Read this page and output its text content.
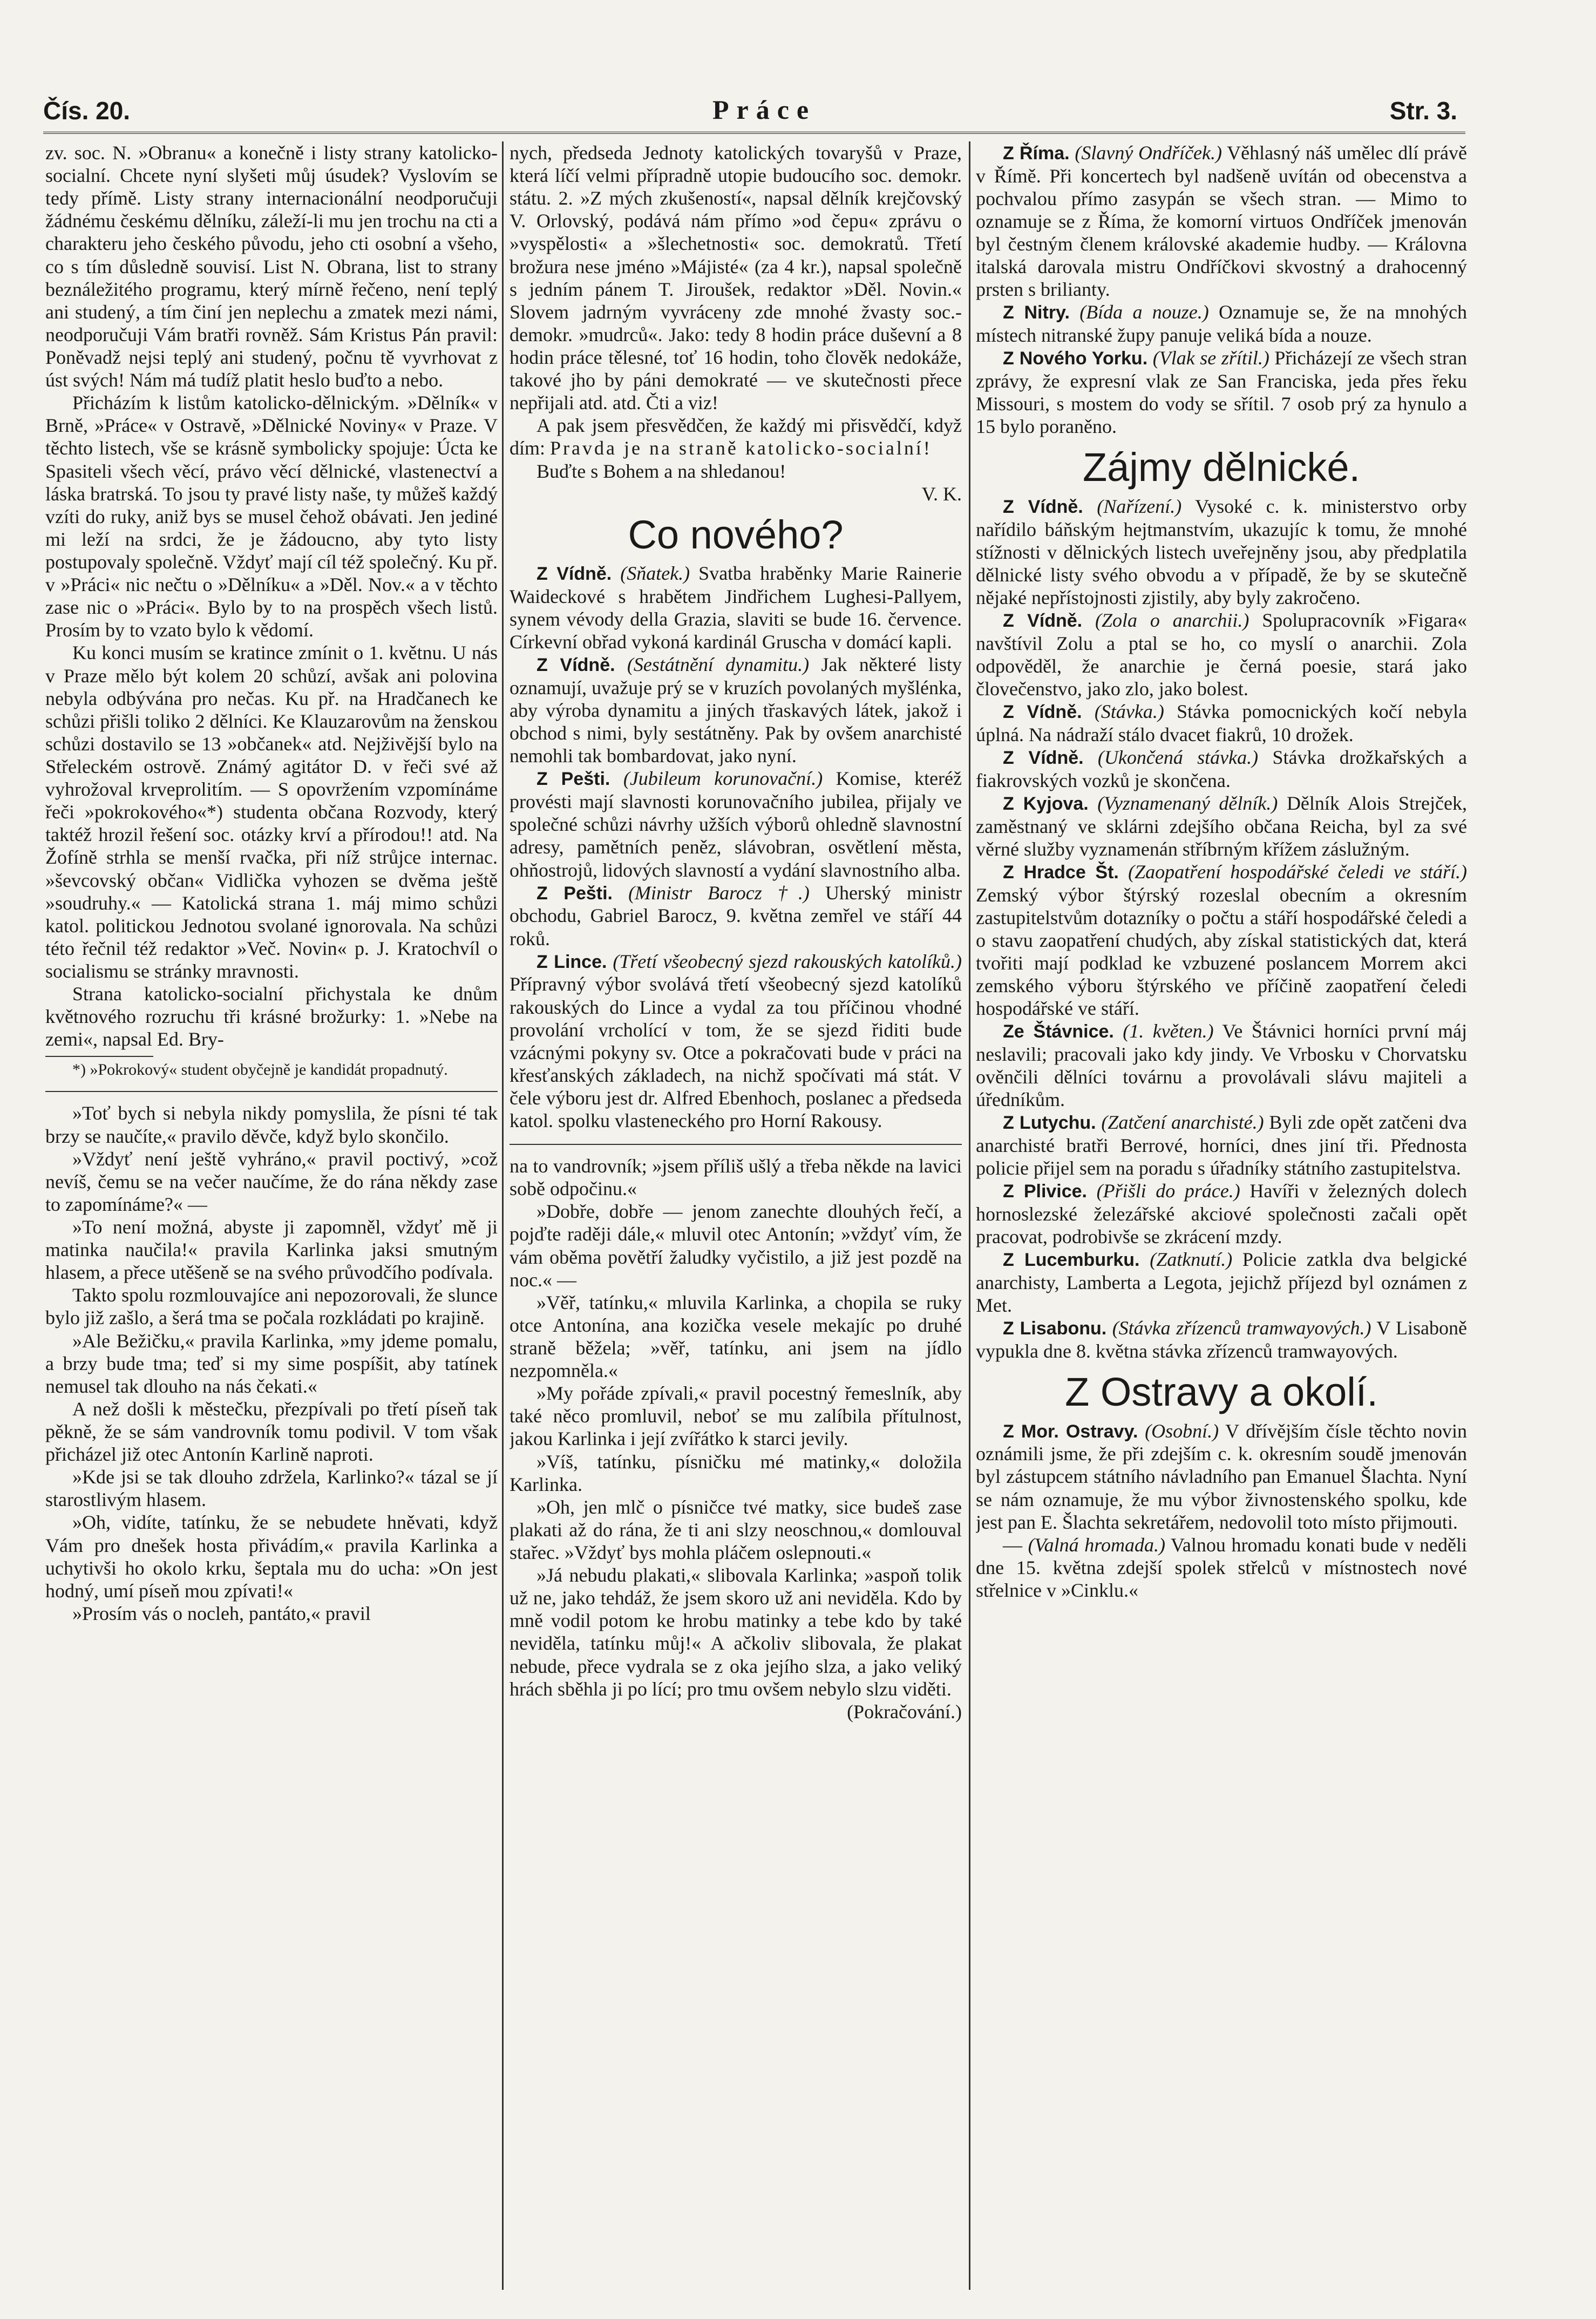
Čís. 20.	Práce	Str. 3.

zv. soc. N. »Obranu« a konečně i listy strany katolicko-socialní. Chcete nyní slyšeti můj úsudek? Vyslovím se tedy přímě. Listy strany internacionální neodporučuji žádnému českému dělníku, záleží-li mu jen trochu na cti a charakteru jeho českého původu, jeho cti osobní a všeho, co s tím důsledně souvisí. List N. Obrana, list to strany beználežitého programu, který mírně řečeno, není teplý ani studený, a tím činí jen neplechu a zmatek mezi námi, neodporučuji Vám bratři rovněž. Sám Kristus Pán pravil: Poněvadž nejsi teplý ani studený, počnu tě vyvrhovat z úst svých! Nám má tudíž platit heslo buďto a nebo.

Přicházím k listům katolicko-dělnickým. »Dělník« v Brně, »Práce« v Ostravě, »Dělnické Noviny« v Praze. V těchto listech, vše se krásně symbolicky spojuje: Úcta ke Spasiteli všech věcí, právo věcí dělnické, vlastenectví a láska bratrská. To jsou ty pravé listy naše, ty můžeš každý vzíti do ruky, aniž bys se musel čehož obávati. Jen jediné mi leží na srdci, že je žádoucno, aby tyto listy postupovaly společně. Vždyť mají cíl též společný. Ku př. v »Práci« nic nečtu o »Dělníku« a »Děl. Nov.« a v těchto zase nic o »Práci«. Bylo by to na prospěch všech listů. Prosím by to vzato bylo k vědomí.

Ku konci musím se kratince zmínit o 1. květnu. U nás v Praze mělo být kolem 20 schůzí, avšak ani polovina nebyla odbývána pro nečas. Ku př. na Hradčanech ke schůzi přišli toliko 2 dělníci. Ke Klauzarovům na ženskou schůzi dostavilo se 13 »občanek« atd. Nejživější bylo na Střeleckém ostrově. Známý agitátor D. v řeči své až vyhrožoval krveprolitím. — S opovržením vzpomínáme řeči »pokrokového«*) studenta občana Rozvody, který taktéž hrozil řešení soc. otázky krví a přírodou!! atd. Na Žofíně strhla se menší rvačka, při níž strůjce internac. »ševcovský občan« Vidlička vyhozen se dvěma ještě »soudruhy.« — Katolická strana 1. máj mimo schůzi katol. politickou Jednotou svolané ignorovala. Na schůzi této řečnil též redaktor »Več. Novin« p. J. Kratochvíl o socialismu se stránky mravnosti.

Strana katolicko-socialní přichystala ke dnům květnového rozruchu tři krásné brožurky: 1. »Nebe na zemi«, napsal Ed. Bry-

*) »Pokrokový« student obyčejně je kandidát propadnutý.

»Toť bych si nebyla nikdy pomyslila, že písni té tak brzy se naučíte,« pravilo děvče, když bylo skončilo.

»Vždyť není ještě vyhráno,« pravil poctivý, »což nevíš, čemu se na večer naučíme, že do rána někdy zase to zapomínáme?« —

»To není možná, abyste ji zapomněl, vždyť mě ji matinka naučila!« pravila Karlinka jaksi smutným hlasem, a přece utěšeně se na svého průvodčího podívala.

Takto spolu rozmlouvajíce ani nepozorovali, že slunce bylo již zašlo, a šerá tma se počala rozkládati po krajině.

»Ale Bežičku,« pravila Karlinka, »my jdeme pomalu, a brzy bude tma; teď si my sime pospíšit, aby tatínek nemusel tak dlouho na nás čekati.«

A než došli k městečku, přezpívali po třetí píseň tak pěkně, že se sám vandrovník tomu podivil. V tom však přicházel již otec Antonín Karlině naproti.

»Kde jsi se tak dlouho zdržela, Karlinko?« tázal se jí starostlivým hlasem.

»Oh, vidíte, tatínku, že se nebudete hněvati, když Vám pro dnešek hosta přivádím,« pravila Karlinka a uchytivši ho okolo krku, šeptala mu do ucha: »On jest hodný, umí píseň mou zpívati!«

»Prosím vás o nocleh, pantáto,« pravil

nych, předseda Jednoty katolických tovaryšů v Praze, která líčí velmi přípradně utopie budoucího soc. demokr. státu. 2. »Z mých zkušeností«, napsal dělník krejčovský V. Orlovský, podává nám přímo »od čepu« zprávu o »vyspělosti« a »šlechetnosti« soc. demokratů. Třetí brožura nese jméno »Májisté« (za 4 kr.), napsal společně s jedním pánem T. Jiroušek, redaktor »Děl. Novin.« Slovem jadrným vyvráceny zde mnohé žvasty soc.-demokr. »mudrců«. Jako: tedy 8 hodin práce duševní a 8 hodin práce tělesné, toť 16 hodin, toho člověk nedokáže, takové jho by páni demokraté — ve skutečnosti přece nepřijali atd. atd. Čti a viz!

A pak jsem přesvědčen, že každý mi přisvědčí, když dím: Pravda je na straně katolicko-socialní!

Buďte s Bohem a na shledanou!

V. K.
Co nového?

Z Vídně. (Sňatek.) Svatba hraběnky Marie Rainerie Waideckové s hrabětem Jindřichem Lughesi-Pallyem, synem vévody della Grazia, slaviti se bude 16. července. Církevní obřad vykoná kardinál Gruscha v domácí kapli.

Z Vídně. (Sestátnění dynamitu.) Jak některé listy oznamují, uvažuje prý se v kruzích povolaných myšlénka, aby výroba dynamitu a jiných třaskavých látek, jakož i obchod s nimi, byly sestátněny. Pak by ovšem anarchisté nemohli tak bombardovat, jako nyní.

Z Pešti. (Jubileum korunovační.) Komise, kteréž provésti mají slavnosti korunovačního jubilea, přijaly ve společné schůzi návrhy užších výborů ohledně slavnostní adresy, pamětních peněz, slávobran, osvětlení města, ohňostrojů, lidových slavností a vydání slavnostního alba.

Z Pešti. (Ministr Barocz †.) Uherský ministr obchodu, Gabriel Barocz, 9. května zemřel ve stáří 44 roků.

Z Lince. (Třetí všeobecný sjezd rakouských katolíků.) Přípravný výbor svolává třetí všeobecný sjezd katolíků rakouských do Lince a vydal za tou příčinou vhodné provolání vrcholící v tom, že se sjezd řiditi bude vzácnými pokyny sv. Otce a pokračovati bude v práci na křesťanských základech, na nichž spočívati má stát. V čele výboru jest dr. Alfred Ebenhoch, poslanec a předseda katol. spolku vlasteneckého pro Horní Rakousy.

na to vandrovník; »jsem příliš ušlý a třeba někde na lavici sobě odpočinu.«

»Dobře, dobře — jenom zanechte dlouhých řečí, a pojďte raději dále,« mluvil otec Antonín; »vždyť vím, že vám oběma povětří žaludky vyčistilo, a již jest pozdě na noc.« —

»Věř, tatínku,« mluvila Karlinka, a chopila se ruky otce Antonína, ana kozička vesele mekajíc po druhé straně běžela; »věř, tatínku, ani jsem na jídlo nezpomněla.«

»My pořáde zpívali,« pravil pocestný řemeslník, aby také něco promluvil, neboť se mu zalíbila přítulnost, jakou Karlinka i její zvířátko k starci jevily.

»Víš, tatínku, písničku mé matinky,« doložila Karlinka.

»Oh, jen mlč o písničce tvé matky, sice budeš zase plakati až do rána, že ti ani slzy neoschnou,« domlouval stařec. »Vždyť bys mohla pláčem oslepnouti.«

»Já nebudu plakati,« slibovala Karlinka; »aspoň tolik už ne, jako tehdáž, že jsem skoro už ani neviděla. Kdo by mně vodil potom ke hrobu matinky a tebe kdo by také neviděla, tatínku můj!« A ačkoliv slibovala, že plakat nebude, přece vydrala se z oka jejího slza, a jako veliký hrách sběhla ji po lící; pro tmu ovšem nebylo slzu viděti.

(Pokračování.)

Z Říma. (Slavný Ondříček.) Věhlasný náš umělec dlí právě v Římě. Při koncertech byl nadšeně uvítán od obecenstva a pochvalou přímo zasypán se všech stran. — Mimo to oznamuje se z Říma, že komorní virtuos Ondříček jmenován byl čestným členem královské akademie hudby. — Královna italská darovala mistru Ondříčkovi skvostný a drahocenný prsten s brilianty.

Z Nitry. (Bída a nouze.) Oznamuje se, že na mnohých místech nitranské župy panuje veliká bída a nouze.

Z Nového Yorku. (Vlak se zřítil.) Přicházejí ze všech stran zprávy, že expresní vlak ze San Franciska, jeda přes řeku Missouri, s mostem do vody se sřítil. 7 osob prý za hynulo a 15 bylo poraněno.

Zájmy dělnické.

Z Vídně. (Nařízení.) Vysoké c. k. ministerstvo orby nařídilo báňským hejtmanstvím, ukazujíc k tomu, že mnohé stížnosti v dělnických listech uveřejněny jsou, aby předplatila dělnické listy svého obvodu a v případě, že by se skutečně nějaké nepřístojnosti zjistily, aby byly zakročeno.

Z Vídně. (Zola o anarchii.) Spolupracovník »Figara« navštívil Zolu a ptal se ho, co myslí o anarchii. Zola odpověděl, že anarchie je černá poesie, stará jako človečenstvo, jako zlo, jako bolest.

Z Vídně. (Stávka.) Stávka pomocnických kočí nebyla úplná. Na nádraží stálo dvacet fiakrů, 10 drožek.

Z Vídně. (Ukončená stávka.) Stávka drožkařských a fiakrovských vozků je skončena.

Z Kyjova. (Vyznamenaný dělník.) Dělník Alois Strejček, zaměstnaný ve sklárni zdejšího občana Reicha, byl za své věrné služby vyznamenán stříbrným křížem záslužným.

Z Hradce Št. (Zaopatření hospodářské čeledi ve stáří.) Zemský výbor štýrský rozeslal obecním a okresním zastupitelstvům dotazníky o počtu a stáří hospodářské čeledi a o stavu zaopatření chudých, aby získal statistických dat, která tvořiti mají podklad ke vzbuzené poslancem Morrem akci zemského výboru štýrského ve příčině zaopatření čeledi hospodářské ve stáří.

Ze Štávnice. (1. květen.) Ve Štávnici horníci první máj neslavili; pracovali jako kdy jindy. Ve Vrbosku v Chorvatsku ověnčili dělníci továrnu a provolávali slávu majiteli a úředníkům.

Z Lutychu. (Zatčení anarchisté.) Byli zde opět zatčeni dva anarchisté bratři Berrové, horníci, dnes jiní tři. Přednosta policie přijel sem na poradu s úřadníky státního zastupitelstva.

Z Plivice. (Přišli do práce.) Havíři v železných dolech hornoslezské železářské akciové společnosti začali opět pracovat, podrobivše se zkrácení mzdy.

Z Lucemburku. (Zatknutí.) Policie zatkla dva belgické anarchisty, Lamberta a Legota, jejichž příjezd byl oznámen z Met.

Z Lisabonu. (Stávka zřízenců tramwayových.) V Lisaboně vypukla dne 8. května stávka zřízenců tramwayových.

Z Ostravy a okolí.

Z Mor. Ostravy. (Osobní.) V dřívějším čísle těchto novin oznámili jsme, že při zdejším c. k. okresním soudě jmenován byl zástupcem státního návladního pan Emanuel Šlachta. Nyní se nám oznamuje, že mu výbor živnostenského spolku, kde jest pan E. Šlachta sekretářem, nedovolil toto místo přijmouti.

— (Valná hromada.) Valnou hromadu konati bude v neděli dne 15. května zdejší spolek střelců v místnostech nové střelnice v »Cinklu.«
